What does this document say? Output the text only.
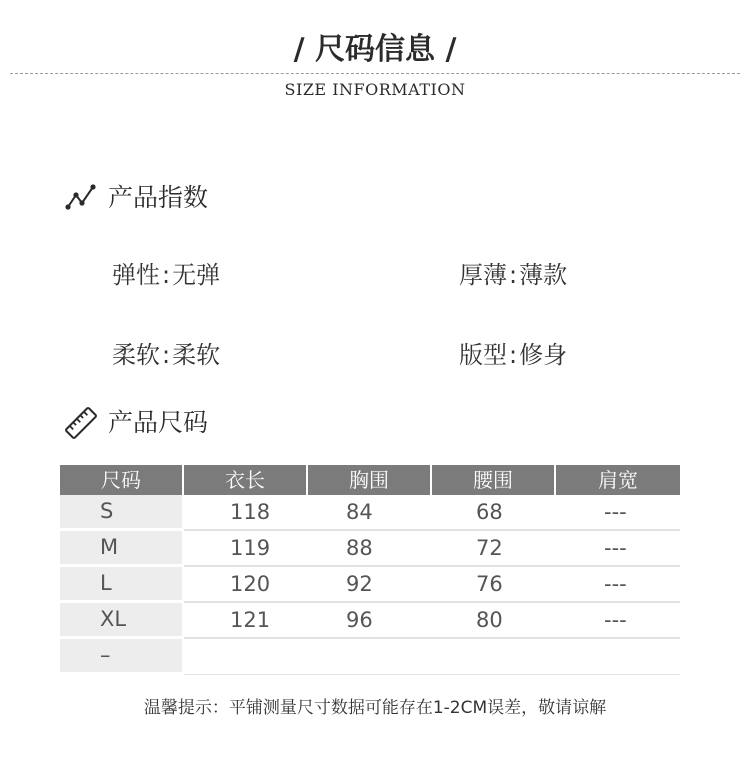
/ 尺码信息 /
SIZE INFORMATION
产品指数
弹性:无弹	厚薄:薄款
柔软:柔软	版型:修身
产品尺码
尺码	衣长	胸围	腰围	肩宽
S	118	84	68	---
M	119	88	72	---
L	120	92	76	---
XL	121	96	80	---
–				
温馨提示：平铺测量尺寸数据可能存在1-2CM误差，敬请谅解
